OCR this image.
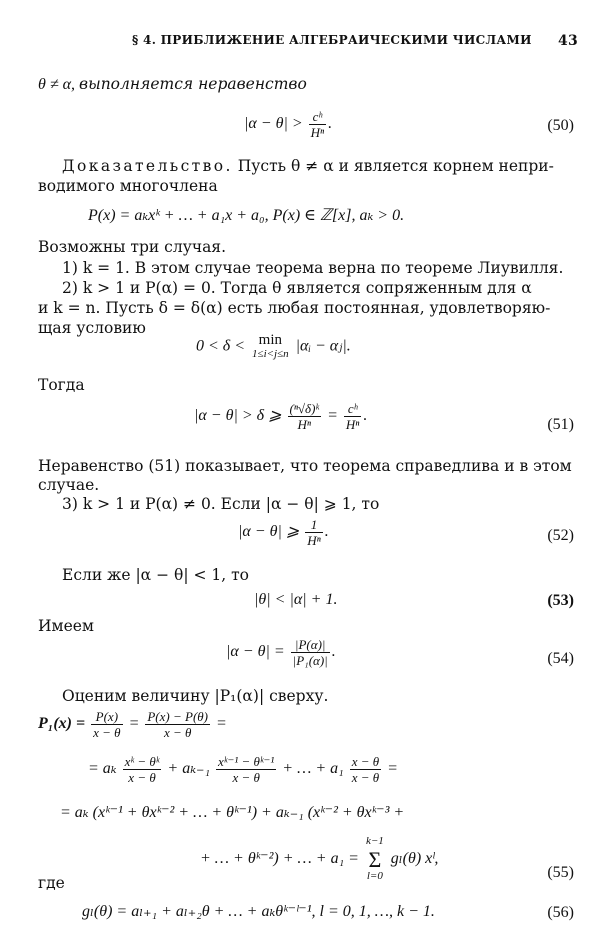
§ 4. ПРИБЛИЖЕНИЕ АЛГЕБРАИЧЕСКИМИ ЧИСЛАМИ 43
θ ≠ α, выполняется неравенство
$|\alpha - \theta| > \frac{\text{cʰ}}{\text{Hⁿ}}$ .	(50)
Доказательство. Пусть θ ≠ α и является корнем непри-
водимого многочлена
P(x) = aₖxᵏ + … + a₁x + a₀, P(x) ∈ ℤ[x], aₖ > 0.
Возможны три случая.
1) k = 1. В этом случае теорема верна по теореме Лиувилля.
2) k > 1 и P(α) = 0. Тогда θ является сопряженным для α
и k = n. Пусть δ = δ(α) есть любая постоянная, удовлетворяю-
щая условию
0 < δ < min
1≤i<j≤n |αᵢ − αⱼ|.
Тогда
|α − θ| > δ ⩾ $\frac{\text{(ⁿ√δ)ᵏ}}{\text{Hⁿ}} = \frac{\text{cʰ}}{\text{Hⁿ}}$ .
(51)
Неравенство (51) показывает, что теорема справедлива и в этом
случае.
3) k > 1 и P(α) ≠ 0. Если |α − θ| ⩾ 1, то
|α − θ| ⩾ $\frac{1}{\text{Hⁿ}}$ .	(52)
Если же |α − θ| < 1, то
|θ| < |α| + 1.	(53)
Имеем
$|\alpha - \theta| = \frac{|P(\alpha)|}{\text{|P₁(α)|}}$ .	(54)
Оценим величину |P₁(α)| сверху.
$P_1(x) = \frac{P(x)}{x - \theta} = \frac{P(x) - P(\theta)}{x - \theta}$ =
= aₖ $\frac{\text{xᵏ − θᵏ}}{x - \theta} + a_{k-1} \frac{\text{xᵏ⁻¹ − θᵏ⁻¹}}{x - \theta}$ + … + $a_1 \frac{x - \theta}{x - \theta}$ =
= aₖ (xᵏ⁻¹ + θxᵏ⁻² + … + θᵏ⁻¹) + aₖ₋₁ (xᵏ⁻² + θxᵏ⁻³ +
+ … + θᵏ⁻²) + … + a₁ = k−1
Σ
l=0 gₗ(θ) xˡ,
(55)
где
gₗ(θ) = aₗ₊₁ + aₗ₊₂θ + … + aₖθᵏ⁻ˡ⁻¹, l = 0, 1, …, k − 1.	(56)
